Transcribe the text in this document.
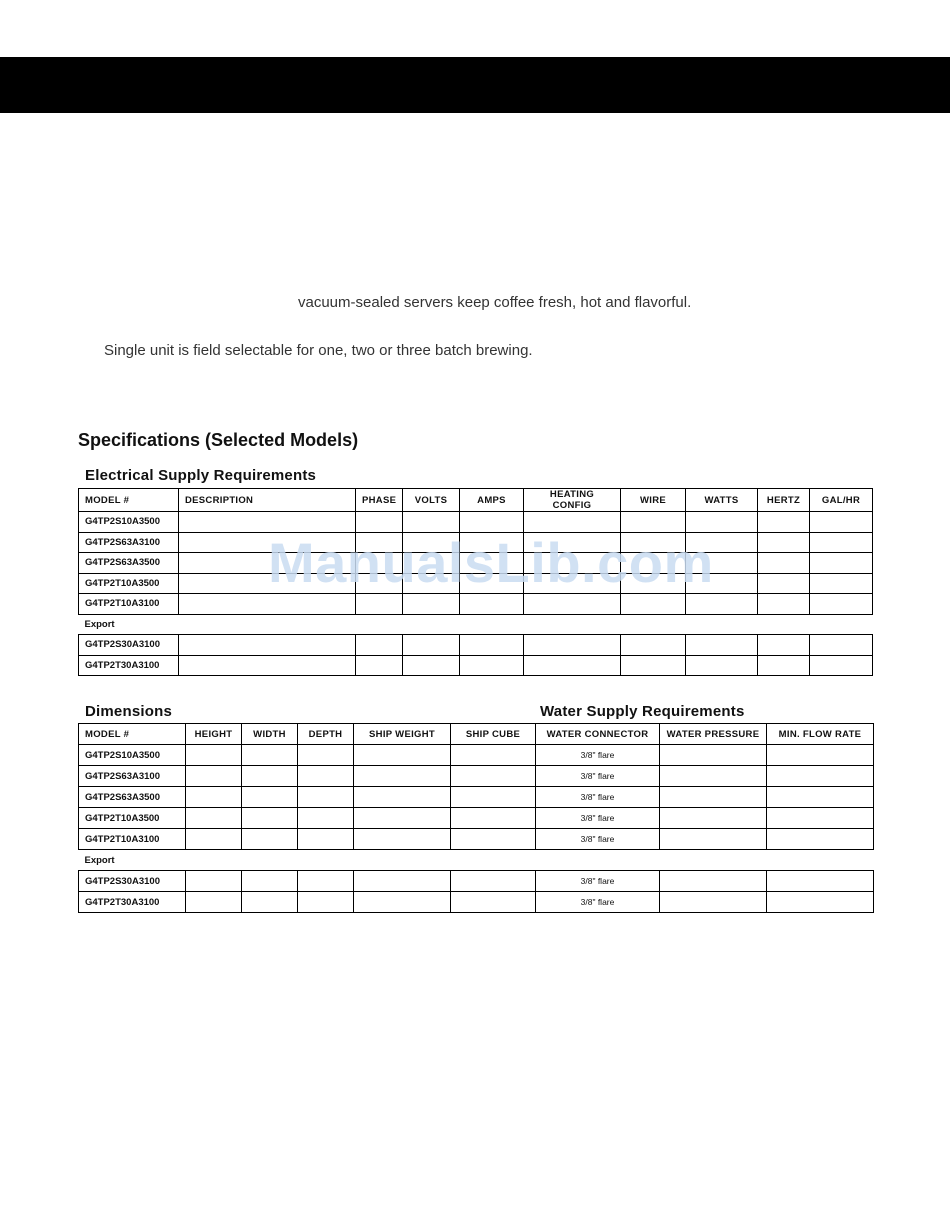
vacuum-sealed servers keep coffee fresh, hot and flavorful.
Single unit is field selectable for one, two or three batch brewing.
Specifications (Selected Models)
Electrical Supply Requirements
MODEL #	DESCRIPTION	PHASE	VOLTS	AMPS	HEATING CONFIG	WIRE	WATTS	HERTZ	GAL/HR
G4TP2S10A3500									
G4TP2S63A3100									
G4TP2S63A3500									
G4TP2T10A3500									
G4TP2T10A3100									
Export									
G4TP2S30A3100									
G4TP2T30A3100									
Dimensions	Water Supply Requirements
MODEL #	HEIGHT	WIDTH	DEPTH	SHIP WEIGHT	SHIP CUBE	WATER CONNECTOR	WATER PRESSURE	MIN. FLOW RATE
G4TP2S10A3500						3/8" flare		
G4TP2S63A3100						3/8" flare		
G4TP2S63A3500						3/8" flare		
G4TP2T10A3500						3/8" flare		
G4TP2T10A3100						3/8" flare		
Export								
G4TP2S30A3100						3/8" flare		
G4TP2T30A3100						3/8" flare		
ManualsLib.com
